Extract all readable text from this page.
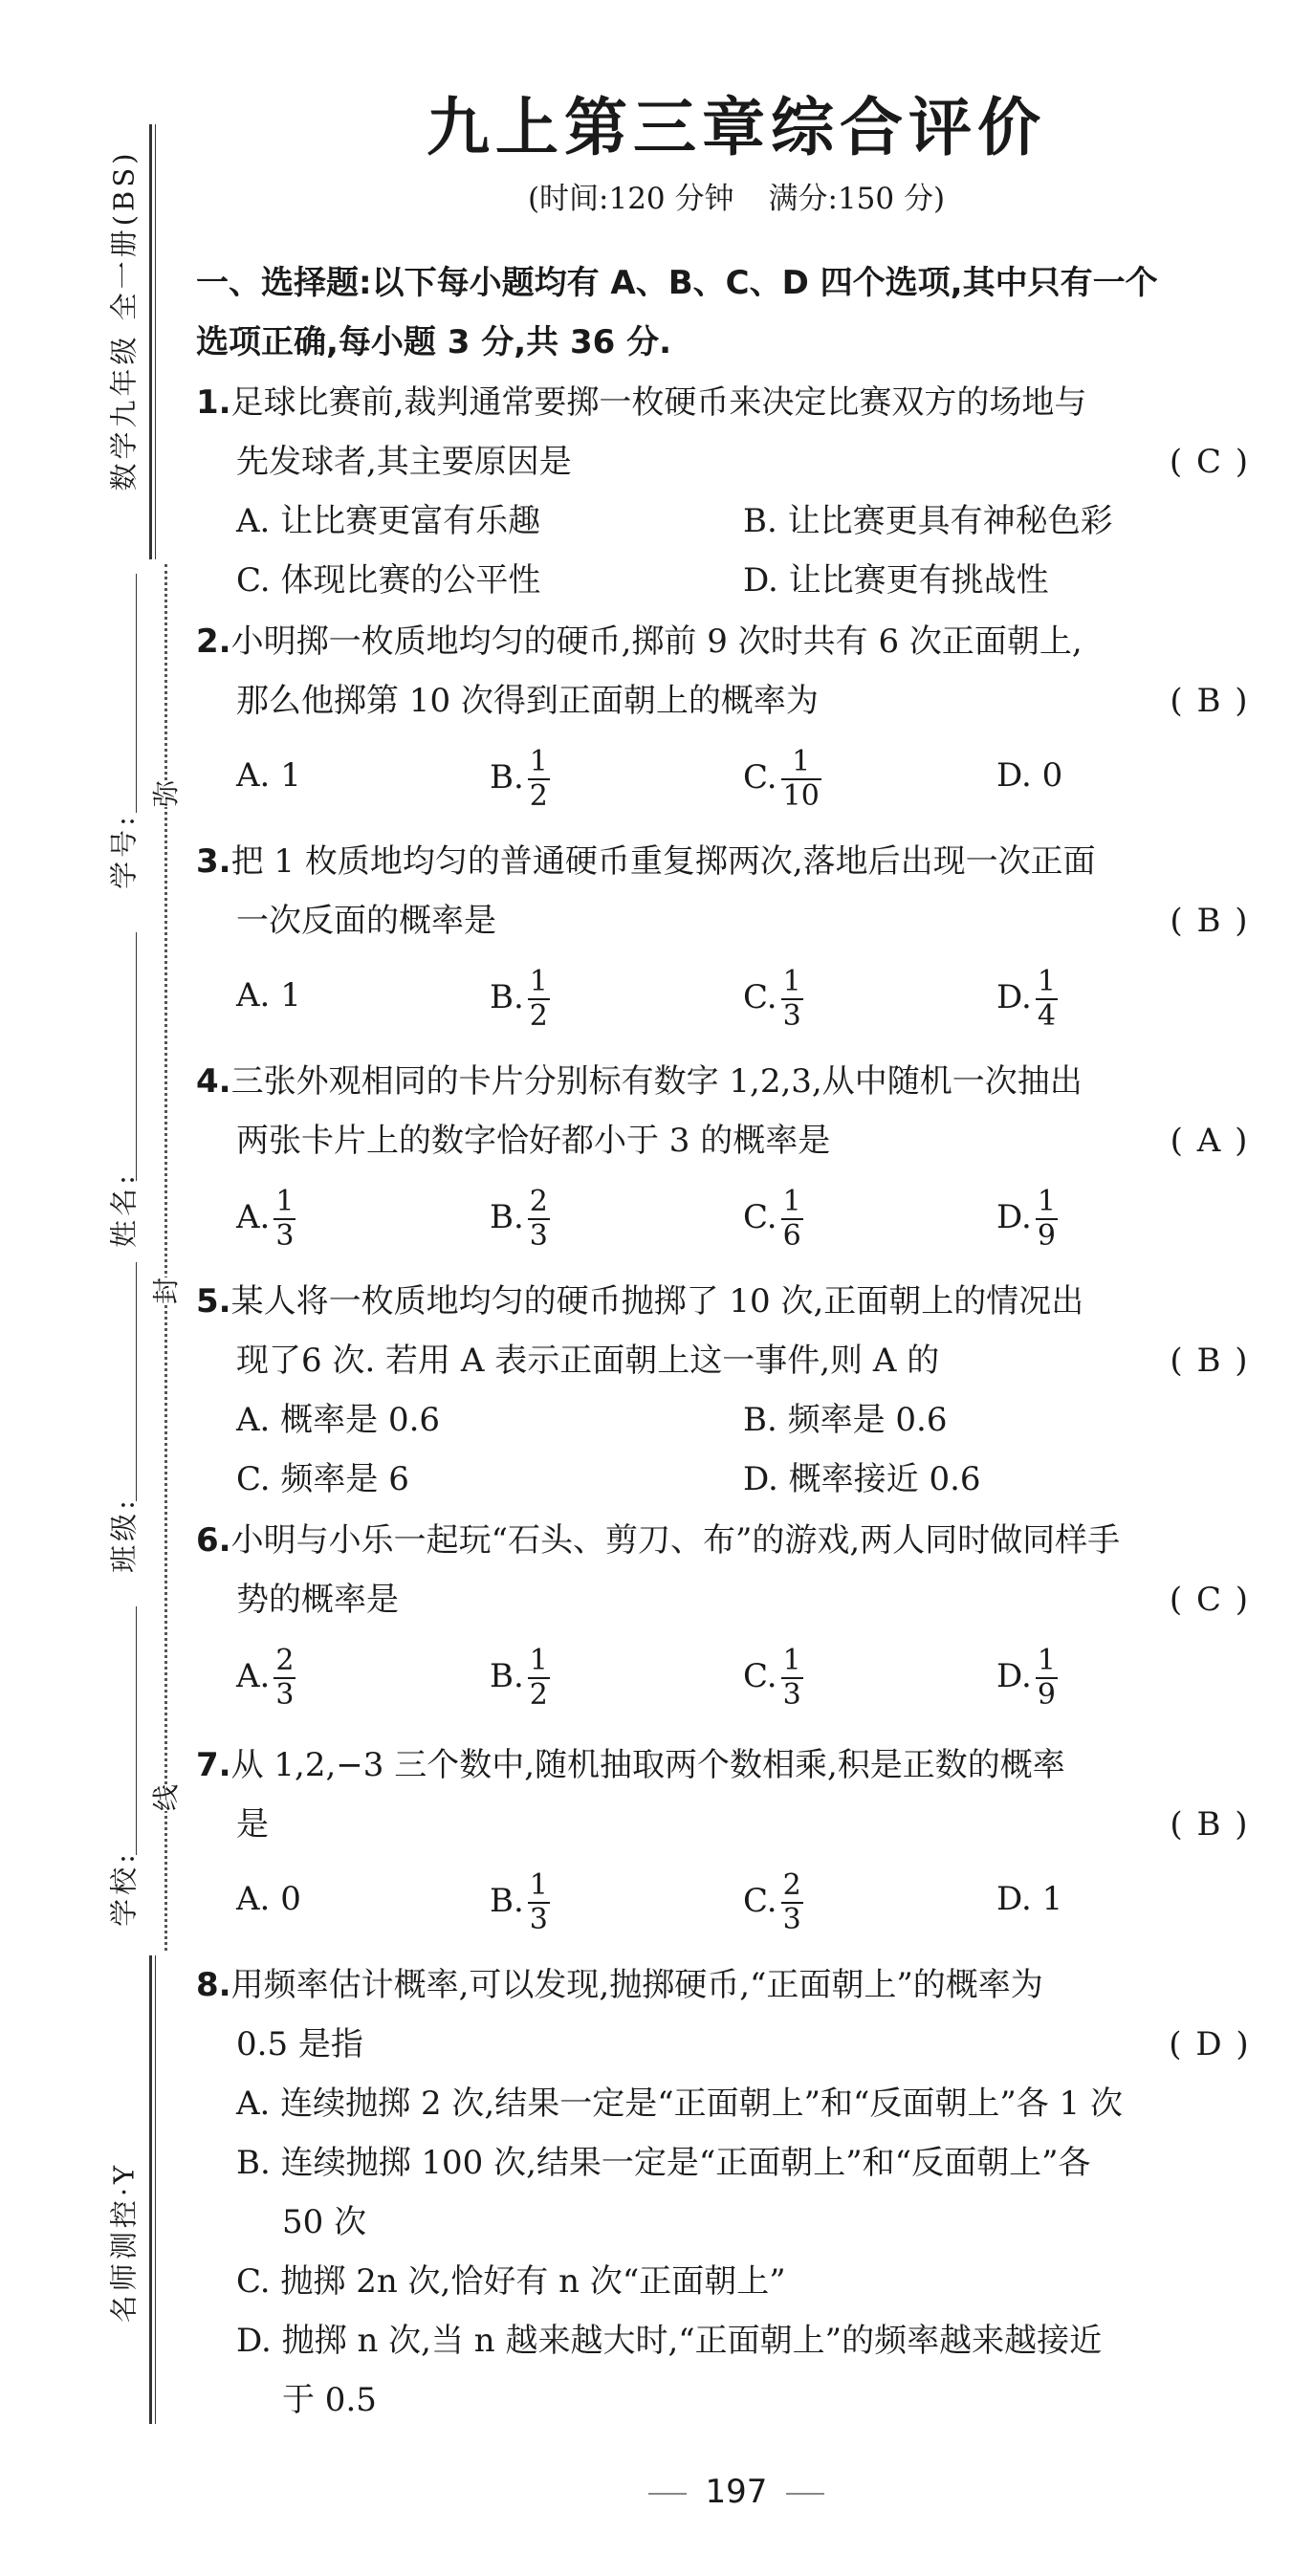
数学九年级 全一册(BS)
弥
封
线
学号:
姓名:
班级:
学校:
名师测控·Y
九上第三章综合评价
(时间:120 分钟 满分:150 分)
一、选择题:以下每小题均有 A、B、C、D 四个选项,其中只有一个
选项正确,每小题 3 分,共 36 分.
1.足球比赛前,裁判通常要掷一枚硬币来决定比赛双方的场地与
先发球者,其主要原因是	( C )
A. 让比赛更富有乐趣	B. 让比赛更具有神秘色彩
C. 体现比赛的公平性	D. 让比赛更有挑战性
2.小明掷一枚质地均匀的硬币,掷前 9 次时共有 6 次正面朝上,
那么他掷第 10 次得到正面朝上的概率为	( B )
A. 1	B. $\frac{1}{2}$	C. $\frac{1}{10}$	D. 0
3.把 1 枚质地均匀的普通硬币重复掷两次,落地后出现一次正面
一次反面的概率是	( B )
A. 1	B. $\frac{1}{2}$	C. $\frac{1}{3}$	D. $\frac{1}{4}$
4.三张外观相同的卡片分别标有数字 1,2,3,从中随机一次抽出
两张卡片上的数字恰好都小于 3 的概率是	( A )
A. $\frac{1}{3}$	B. $\frac{2}{3}$	C. $\frac{1}{6}$	D. $\frac{1}{9}$
5.某人将一枚质地均匀的硬币抛掷了 10 次,正面朝上的情况出
现了6 次. 若用 A 表示正面朝上这一事件,则 A 的	( B )
A. 概率是 0.6	B. 频率是 0.6
C. 频率是 6	D. 概率接近 0.6
6.小明与小乐一起玩“石头、剪刀、布”的游戏,两人同时做同样手
势的概率是	( C )
A. $\frac{2}{3}$	B. $\frac{1}{2}$	C. $\frac{1}{3}$	D. $\frac{1}{9}$
7.从 1,2,−3 三个数中,随机抽取两个数相乘,积是正数的概率
是	( B )
A. 0	B. $\frac{1}{3}$	C. $\frac{2}{3}$	D. 1
8.用频率估计概率,可以发现,抛掷硬币,“正面朝上”的概率为
0.5 是指	( D )
A. 连续抛掷 2 次,结果一定是“正面朝上”和“反面朝上”各 1 次
B. 连续抛掷 100 次,结果一定是“正面朝上”和“反面朝上”各
50 次
C. 抛掷 2n 次,恰好有 n 次“正面朝上”
D. 抛掷 n 次,当 n 越来越大时,“正面朝上”的频率越来越接近
于 0.5
197
